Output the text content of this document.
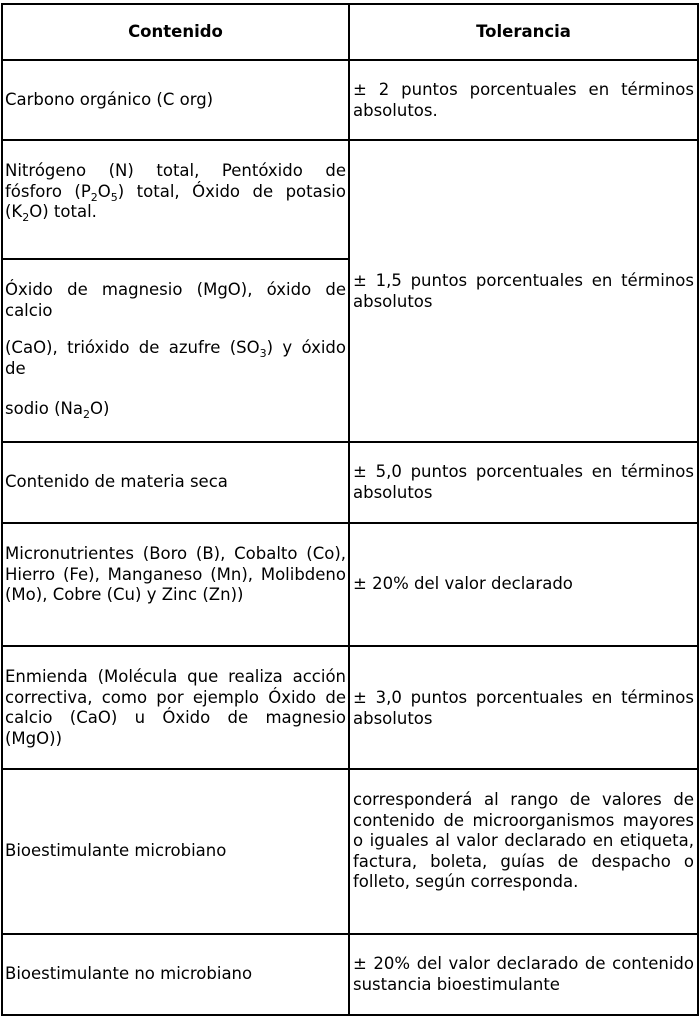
Contenido	Tolerancia
Carbono orgánico (C org)
± 2 puntos porcentuales en términos absolutos.
Nitrógeno (N) total, Pentóxido de
fósforo $(P_2O_5)$ total, Óxido de potasio
$(K_2O)$ total.
Óxido de magnesio (MgO), óxido de calcio
(CaO), trióxido de azufre $(SO_3)$ y óxido de
sodio $(Na_2O)$
± 1,5 puntos porcentuales en términos absolutos
Contenido de materia seca
± 5,0 puntos porcentuales en términos absolutos
Micronutrientes (Boro (B), Cobalto (Co), Hierro (Fe), Manganeso (Mn), Molibdeno (Mo), Cobre (Cu) y Zinc (Zn))
± 20% del valor declarado
Enmienda (Molécula que realiza acción correctiva, como por ejemplo Óxido de calcio (CaO) u Óxido de magnesio (MgO))
± 3,0 puntos porcentuales en términos absolutos
Bioestimulante microbiano
corresponderá al rango de valores de contenido de microorganismos mayores o iguales al valor declarado en etiqueta, factura, boleta, guías de despacho o folleto, según corresponda.
Bioestimulante no microbiano
± 20% del valor declarado de contenido sustancia bioestimulante
